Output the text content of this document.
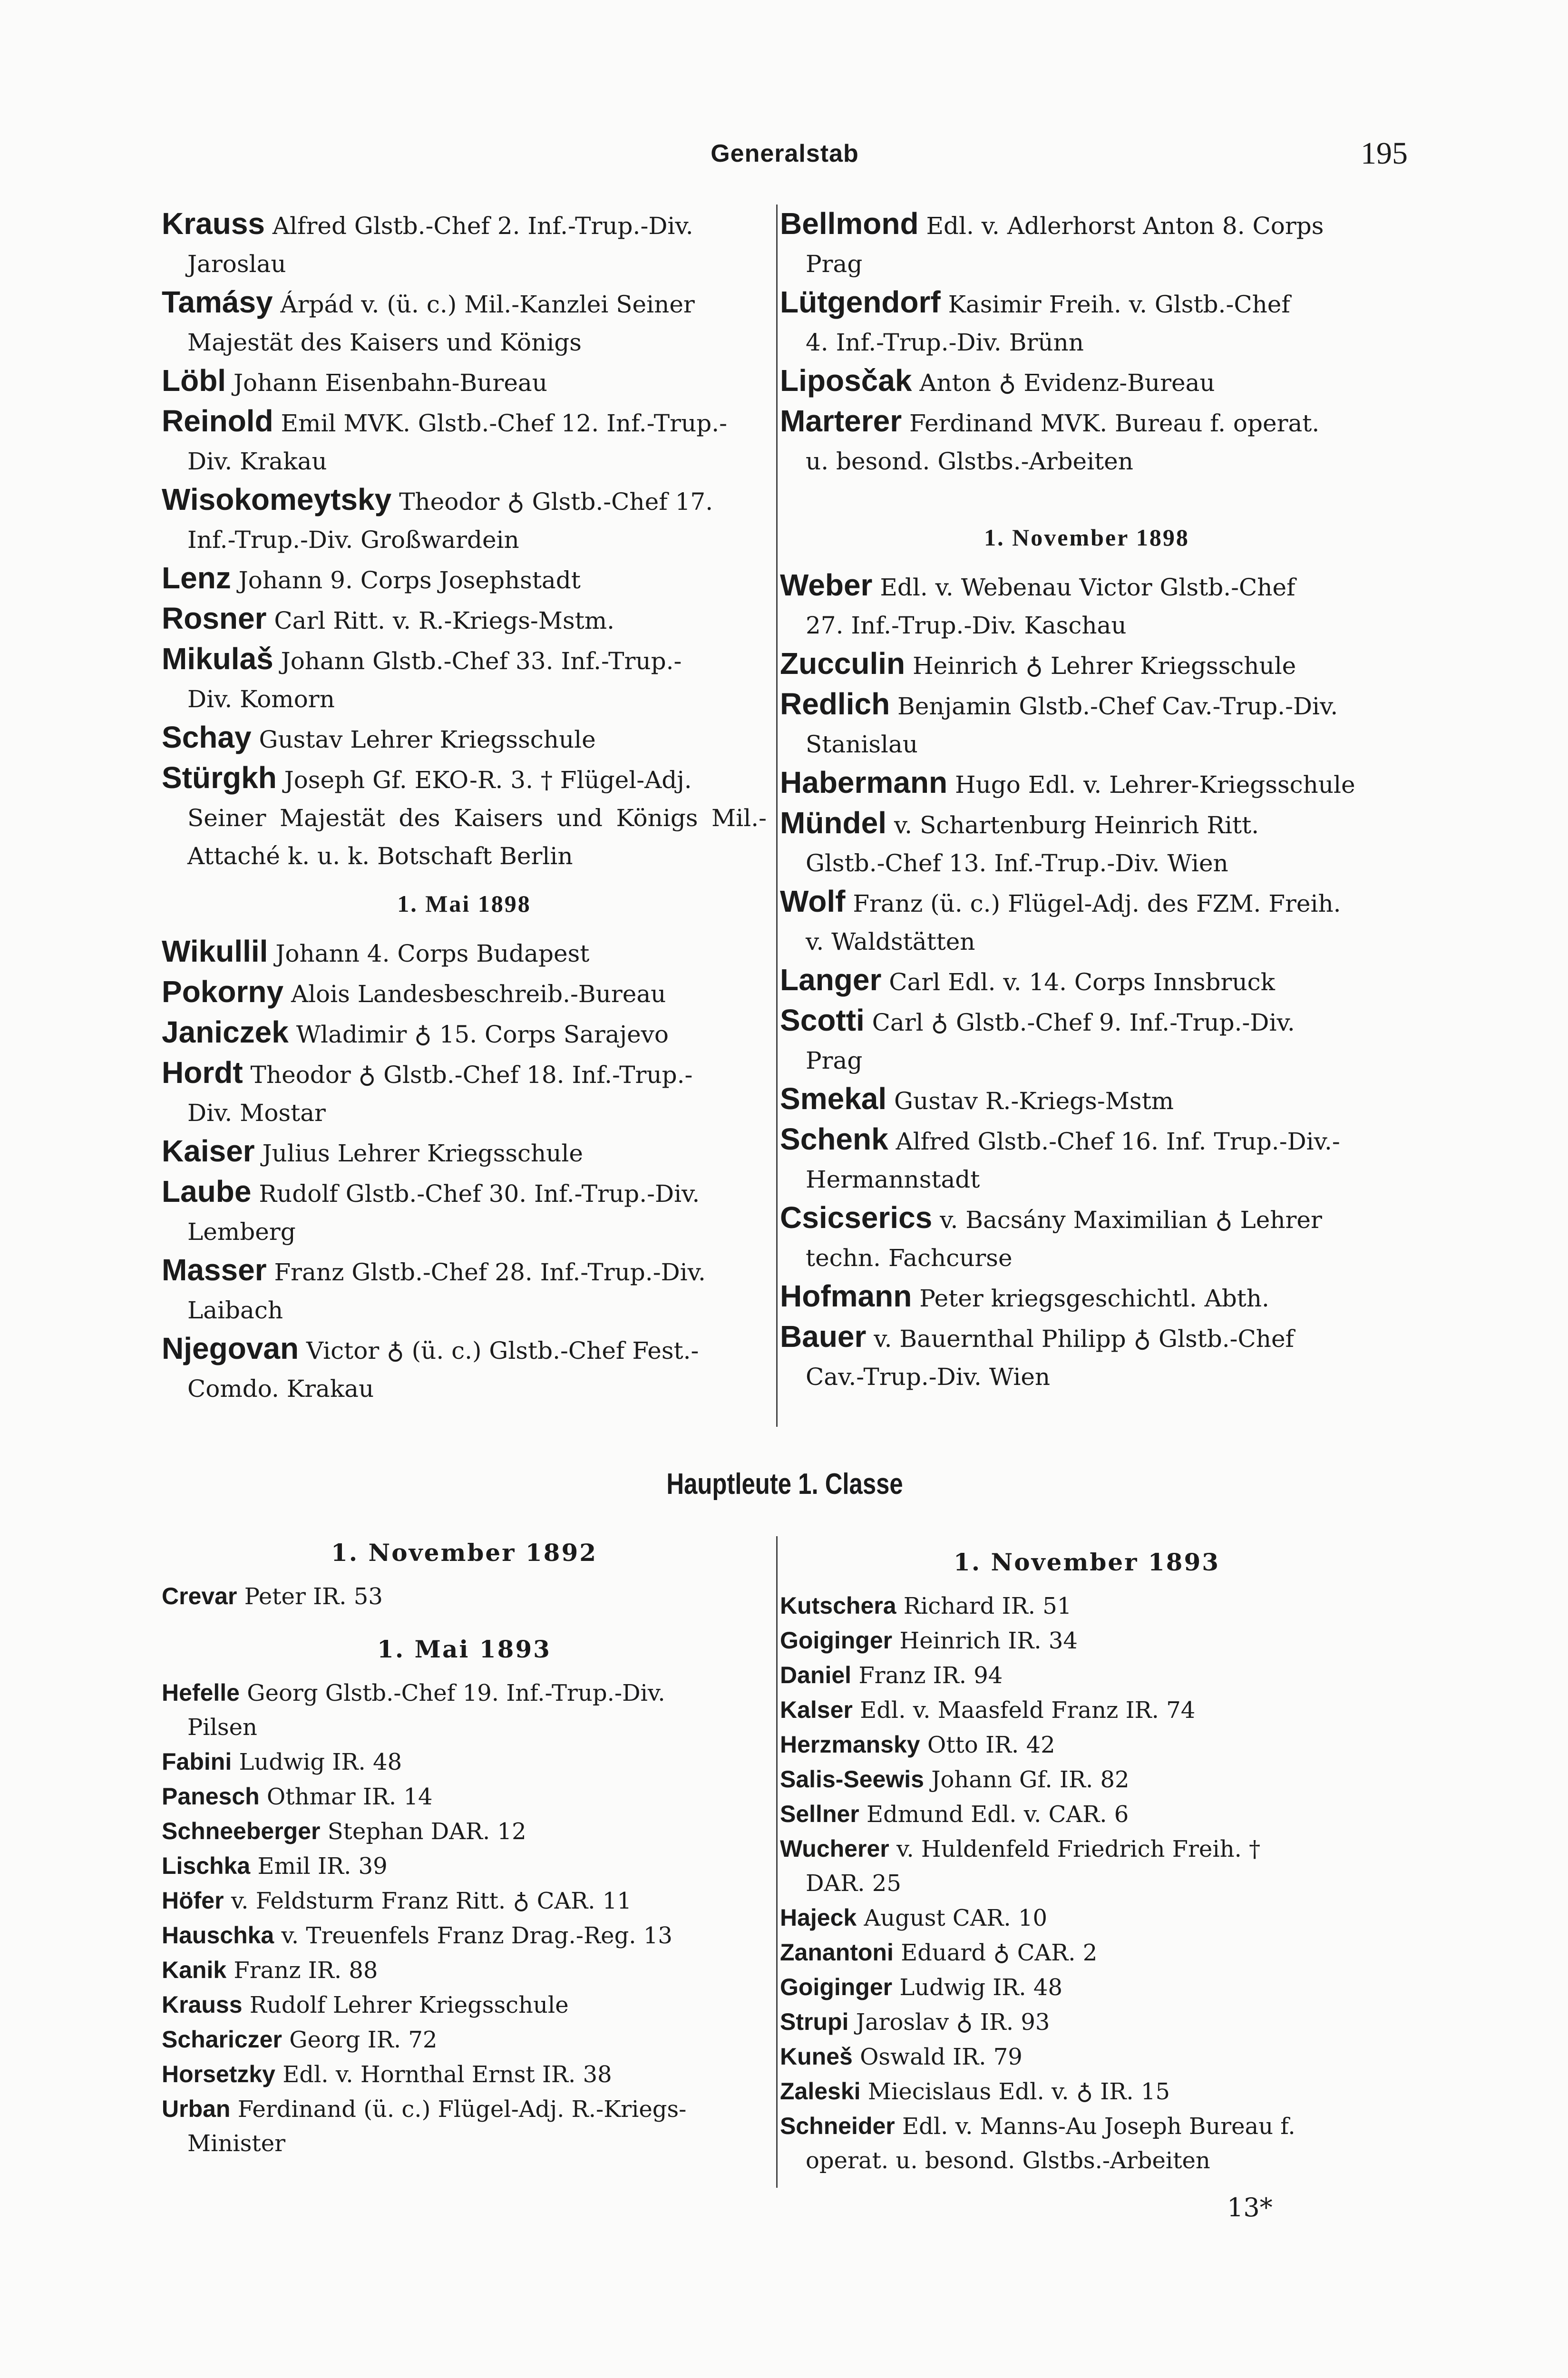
Generalstab	195
Krauss Alfred Glstb.-Chef 2. Inf.-Trup.-Div.
Jaroslau
Tamásy Árpád v. (ü. c.) Mil.-Kanzlei Seiner
Majestät des Kaisers und Königs
Löbl Johann Eisenbahn-Bureau
Reinold Emil MVK. Glstb.-Chef 12. Inf.-Trup.-
Div. Krakau
Wisokomeytsky Theodor ♁ Glstb.-Chef 17.
Inf.-Trup.-Div. Großwardein
Lenz Johann 9. Corps Josephstadt
Rosner Carl Ritt. v. R.-Kriegs-Mstm.
Mikulaš Johann Glstb.-Chef 33. Inf.-Trup.-
Div. Komorn
Schay Gustav Lehrer Kriegsschule
Stürgkh Joseph Gf. EKO-R. 3. † Flügel-Adj.
Seiner Majestät des Kaisers und Königs Mil.-Attaché k. u. k. Botschaft Berlin
1. Mai 1898
Wikullil Johann 4. Corps Budapest
Pokorny Alois Landesbeschreib.-Bureau
Janiczek Wladimir ♁ 15. Corps Sarajevo
Hordt Theodor ♁ Glstb.-Chef 18. Inf.-Trup.-
Div. Mostar
Kaiser Julius Lehrer Kriegsschule
Laube Rudolf Glstb.-Chef 30. Inf.-Trup.-Div.
Lemberg
Masser Franz Glstb.-Chef 28. Inf.-Trup.-Div.
Laibach
Njegovan Victor ♁ (ü. c.) Glstb.-Chef Fest.-
Comdo. Krakau
Bellmond Edl. v. Adlerhorst Anton 8. Corps
Prag
Lütgendorf Kasimir Freih. v. Glstb.-Chef
4. Inf.-Trup.-Div. Brünn
Liposčak Anton ♁ Evidenz-Bureau
Marterer Ferdinand MVK. Bureau f. operat.
u. besond. Glstbs.-Arbeiten
1. November 1898
Weber Edl. v. Webenau Victor Glstb.-Chef
27. Inf.-Trup.-Div. Kaschau
Zucculin Heinrich ♁ Lehrer Kriegsschule
Redlich Benjamin Glstb.-Chef Cav.-Trup.-Div.
Stanislau
Habermann Hugo Edl. v. Lehrer-Kriegsschule
Mündel v. Schartenburg Heinrich Ritt.
Glstb.-Chef 13. Inf.-Trup.-Div. Wien
Wolf Franz (ü. c.) Flügel-Adj. des FZM. Freih.
v. Waldstätten
Langer Carl Edl. v. 14. Corps Innsbruck
Scotti Carl ♁ Glstb.-Chef 9. Inf.-Trup.-Div.
Prag
Smekal Gustav R.-Kriegs-Mstm
Schenk Alfred Glstb.-Chef 16. Inf. Trup.-Div.-
Hermannstadt
Csicserics v. Bacsány Maximilian ♁ Lehrer
techn. Fachcurse
Hofmann Peter kriegsgeschichtl. Abth.
Bauer v. Bauernthal Philipp ♁ Glstb.-Chef
Cav.-Trup.-Div. Wien
Hauptleute 1. Classe
1. November 1892
Crevar Peter IR. 53
1. Mai 1893
Hefelle Georg Glstb.-Chef 19. Inf.-Trup.-Div.
Pilsen
Fabini Ludwig IR. 48
Panesch Othmar IR. 14
Schneeberger Stephan DAR. 12
Lischka Emil IR. 39
Höfer v. Feldsturm Franz Ritt. ♁ CAR. 11
Hauschka v. Treuenfels Franz Drag.-Reg. 13
Kanik Franz IR. 88
Krauss Rudolf Lehrer Kriegsschule
Schariczer Georg IR. 72
Horsetzky Edl. v. Hornthal Ernst IR. 38
Urban Ferdinand (ü. c.) Flügel-Adj. R.-Kriegs-
Minister
1. November 1893
Kutschera Richard IR. 51
Goiginger Heinrich IR. 34
Daniel Franz IR. 94
Kalser Edl. v. Maasfeld Franz IR. 74
Herzmansky Otto IR. 42
Salis-Seewis Johann Gf. IR. 82
Sellner Edmund Edl. v. CAR. 6
Wucherer v. Huldenfeld Friedrich Freih. †
DAR. 25
Hajeck August CAR. 10
Zanantoni Eduard ♁ CAR. 2
Goiginger Ludwig IR. 48
Strupi Jaroslav ♁ IR. 93
Kuneš Oswald IR. 79
Zaleski Miecislaus Edl. v. ♁ IR. 15
Schneider Edl. v. Manns-Au Joseph Bureau f.
operat. u. besond. Glstbs.-Arbeiten
13*
